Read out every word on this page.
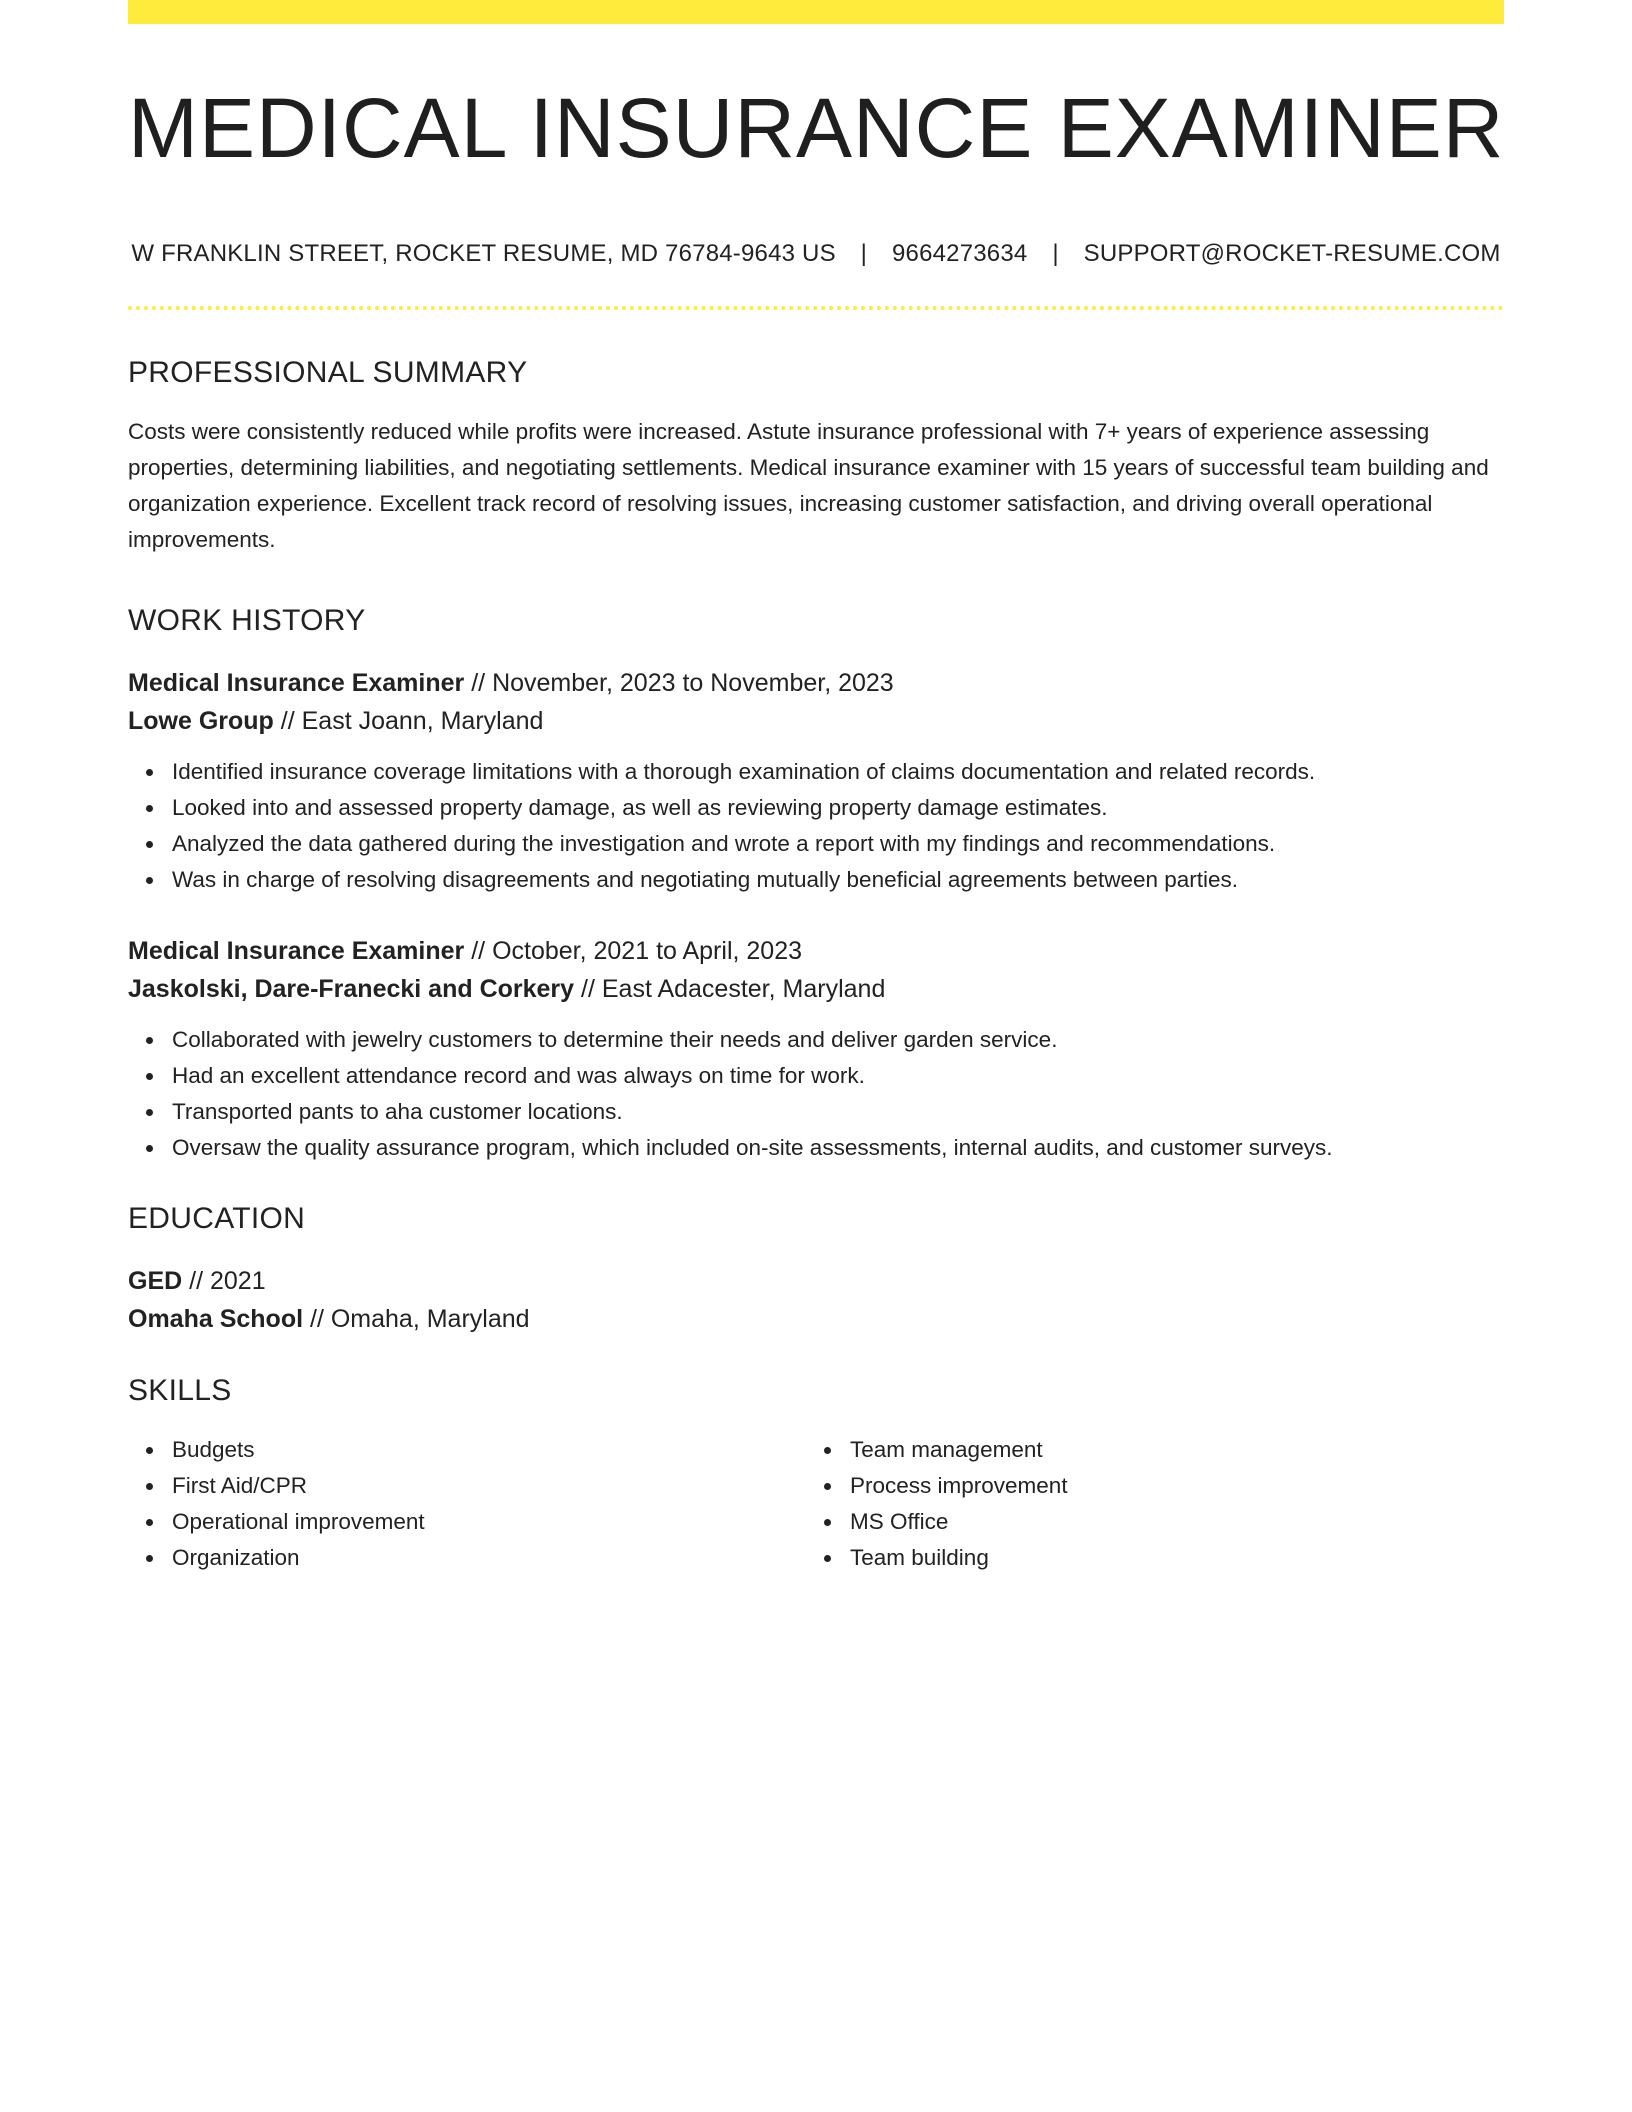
MEDICAL INSURANCE EXAMINER
W FRANKLIN STREET, ROCKET RESUME, MD 76784-9643 US | 9664273634 | SUPPORT@ROCKET-RESUME.COM
PROFESSIONAL SUMMARY
Costs were consistently reduced while profits were increased. Astute insurance professional with 7+ years of experience assessing properties, determining liabilities, and negotiating settlements. Medical insurance examiner with 15 years of successful team building and organization experience. Excellent track record of resolving issues, increasing customer satisfaction, and driving overall operational improvements.
WORK HISTORY
Medical Insurance Examiner // November, 2023 to November, 2023
Lowe Group // East Joann, Maryland
Identified insurance coverage limitations with a thorough examination of claims documentation and related records.
Looked into and assessed property damage, as well as reviewing property damage estimates.
Analyzed the data gathered during the investigation and wrote a report with my findings and recommendations.
Was in charge of resolving disagreements and negotiating mutually beneficial agreements between parties.
Medical Insurance Examiner // October, 2021 to April, 2023
Jaskolski, Dare-Franecki and Corkery // East Adacester, Maryland
Collaborated with jewelry customers to determine their needs and deliver garden service.
Had an excellent attendance record and was always on time for work.
Transported pants to aha customer locations.
Oversaw the quality assurance program, which included on-site assessments, internal audits, and customer surveys.
EDUCATION
GED // 2021
Omaha School // Omaha, Maryland
SKILLS
Budgets
First Aid/CPR
Operational improvement
Organization
Team management
Process improvement
MS Office
Team building
